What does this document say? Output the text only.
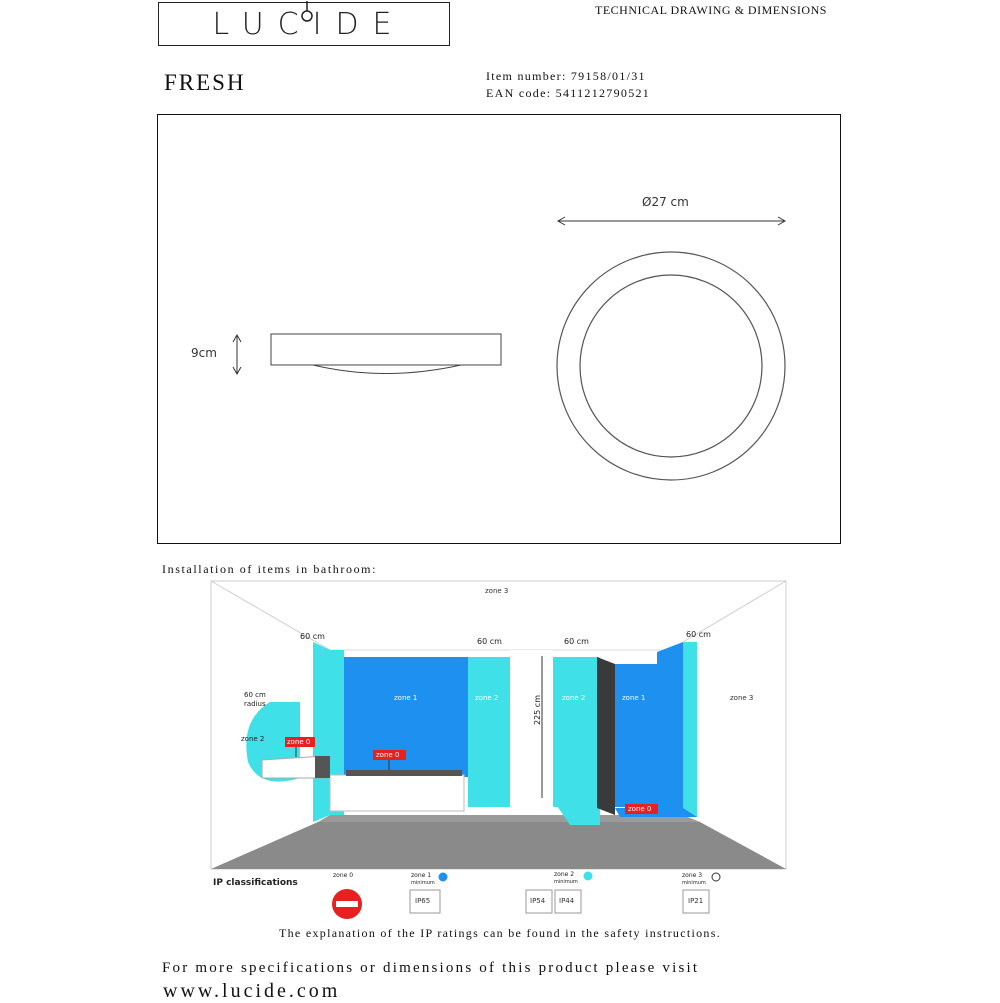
LUCIDE	TECHNICAL DRAWING & DIMENSIONS
FRESH	Item number: 79158/01/31
EAN code: 5411212790521
Ø27 cm
9cm
Installation of items in bathroom:
zone 3
60 cm
60 cm	60 cm
60 cm
60 cm radius	225 cm
zone 1	zone 2	zone 2	zone 1	zone 3
zone 2	zone 0
zone 0
zone 0
IP classifications
zone 0	zone 1
minimum
zone 2
minimum
zone 3
minimum
IP65	IP54 IP44	IP21
The explanation of the IP ratings can be found in the safety instructions.
For more specifications or dimensions of this product please visit
www.lucide.com
